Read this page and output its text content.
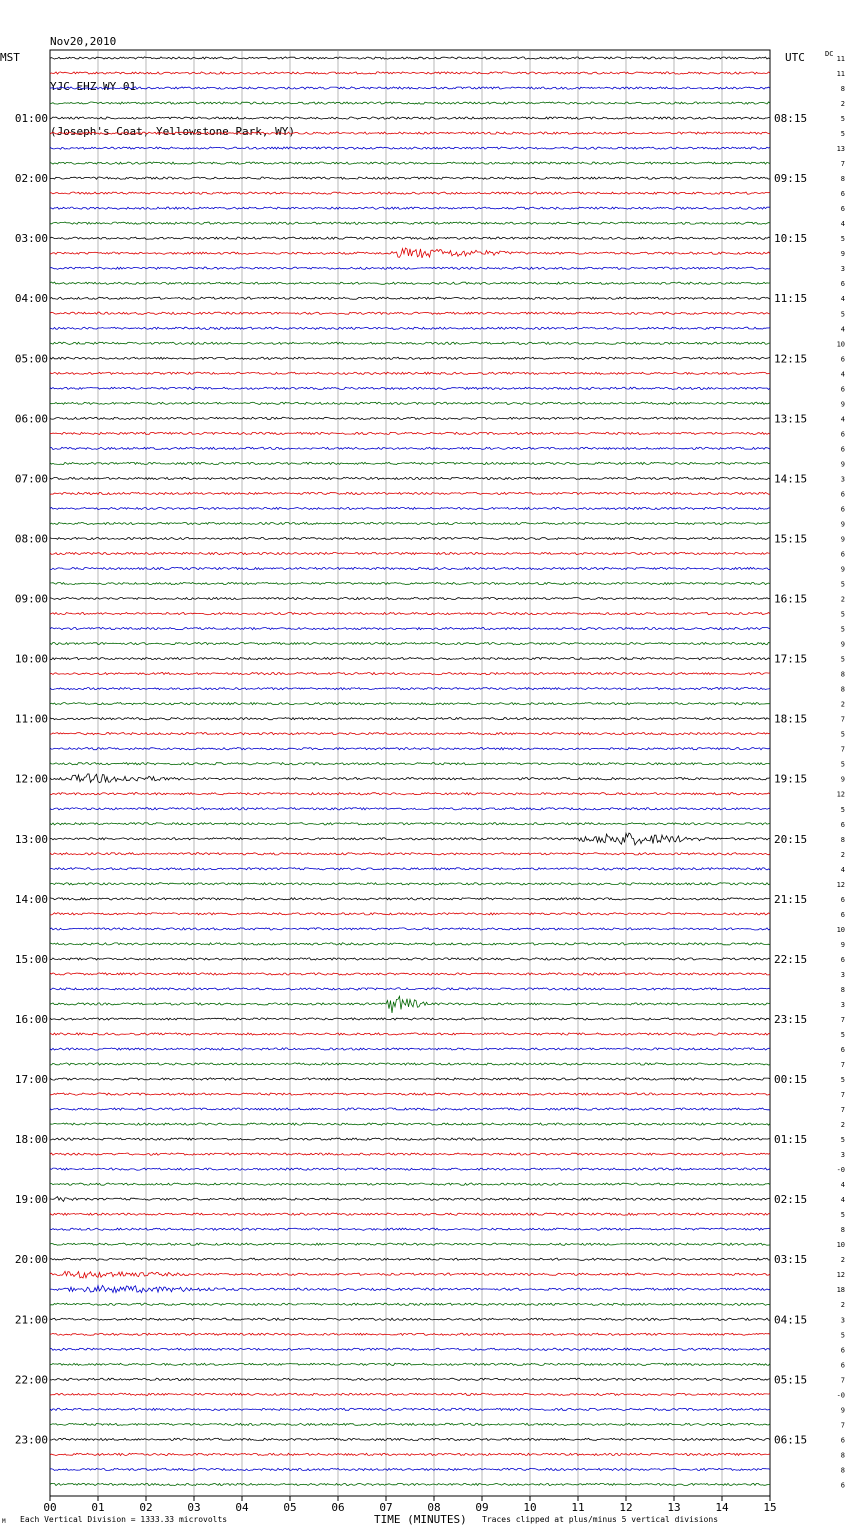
Nov20,2010

YJC EHZ WY 01

(Joseph's Coat, Yellowstone Park, WY)

MST	UTC	DC
01:00	08:15
02:00	09:15
03:00	10:15
04:00	11:15
05:00	12:15
06:00	13:15
07:00	14:15
08:00	15:15
09:00	16:15
10:00	17:15
11:00	18:15
12:00	19:15
13:00	20:15
14:00	21:15
15:00	22:15
16:00	23:15
17:00	00:15
18:00	01:15
19:00	02:15
20:00	03:15
21:00	04:15
22:00	05:15
23:00	06:15
11
11
8
2
5
5
13
7
8
6
6
4
5
9
3
6
4
5
4
10
6
4
6
9
4
6
6
9
3
6
6
9
9
6
9
5
2
5
5
9
5
8
8
2
7
5
7
5
9
12
5
6
8
2
4
12
6
6
10
9
6
3
8
3
7
5
6
7
5
7
7
2
5
3
-0
4
4
5
8
10
2
12
18
2
3
5
6
6
7
-0
9
7
6
8
8
6
00	01	02	03	04	05	06	07	08	09	10	11	12	13	14	15
TIME (MINUTES)
M Each Vertical Division = 1333.33 microvolts	Traces clipped at plus/minus 5 vertical divisions
